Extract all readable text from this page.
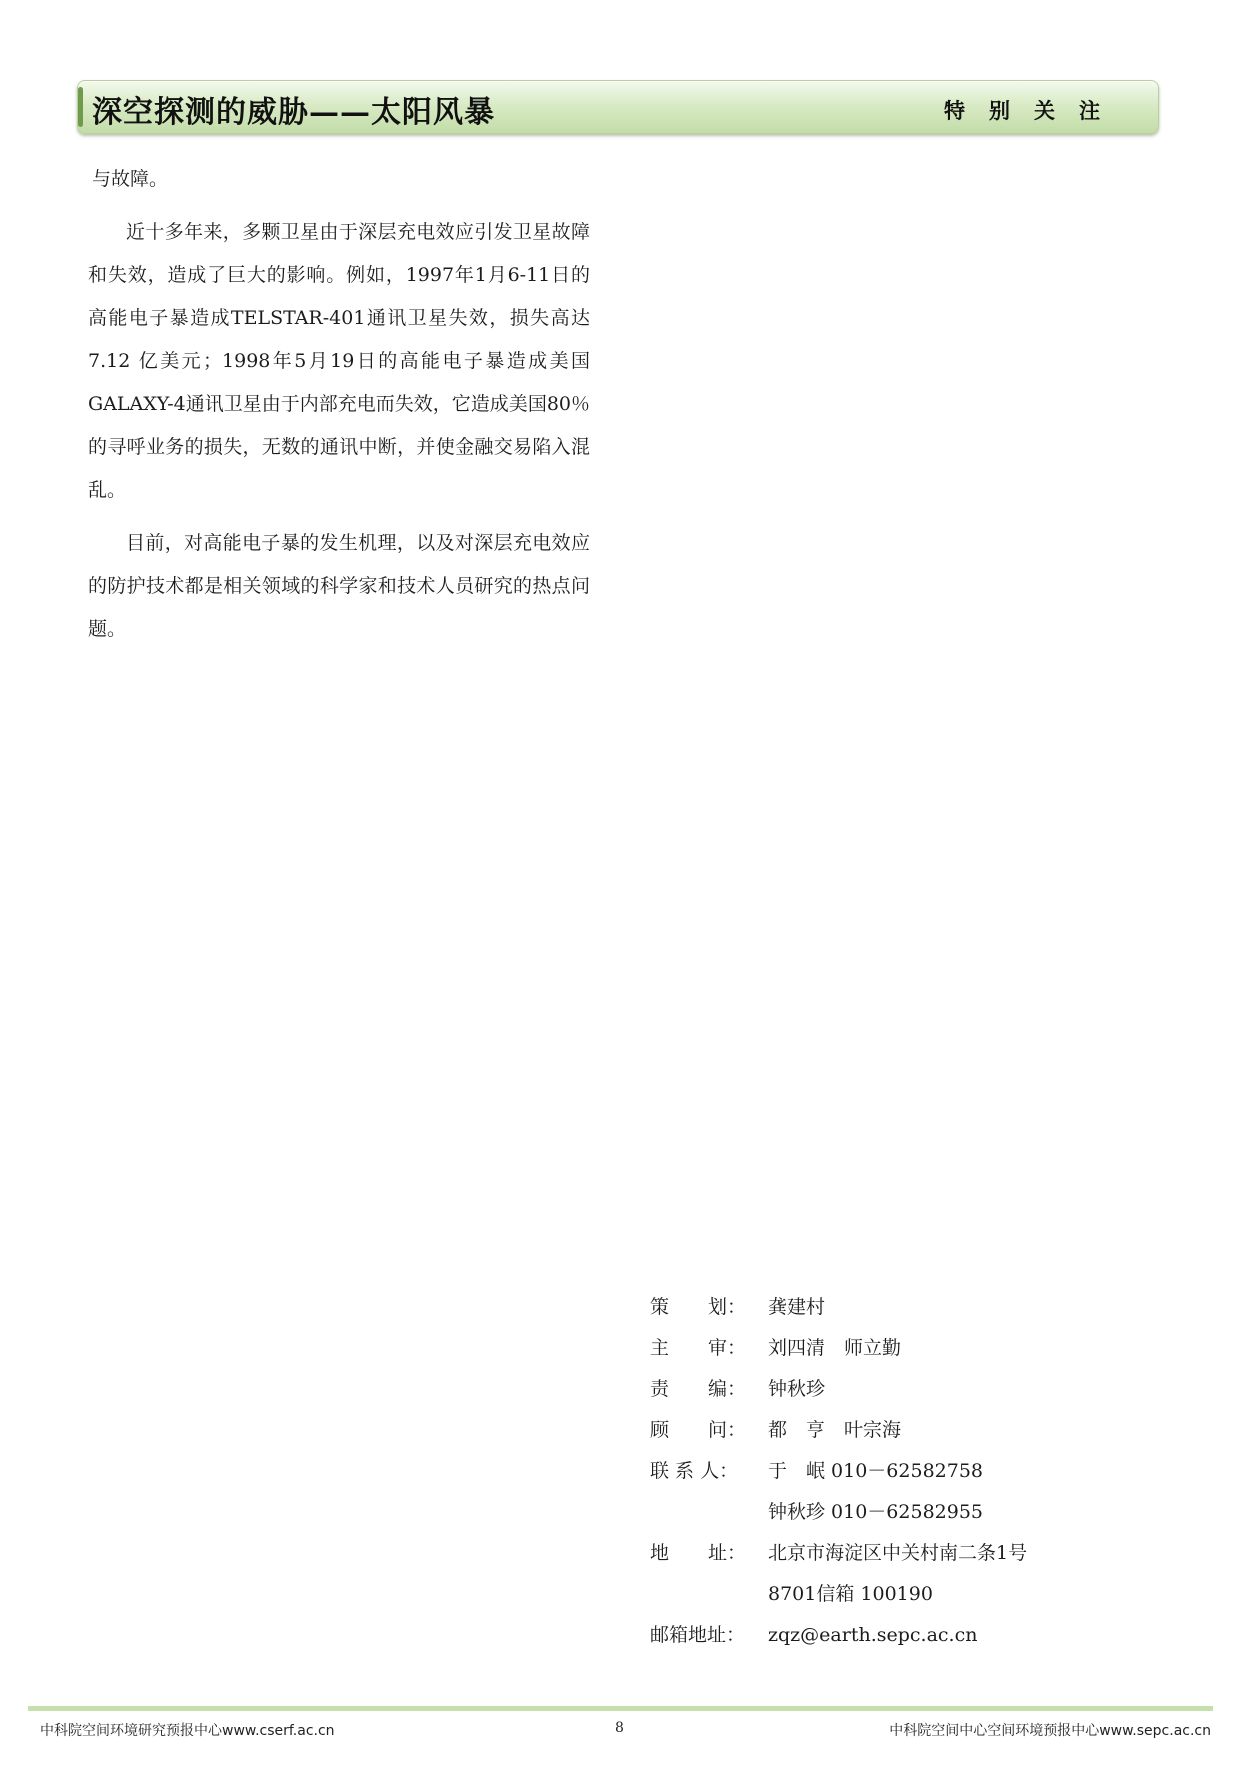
深空探测的威胁——太阳风暴	特别关注

与故障。

近十多年来，多颗卫星由于深层充电效应引发卫星故障和失效，造成了巨大的影响。例如，1997年1月6-11日的高能电子暴造成TELSTAR-401通讯卫星失效，损失高达7.12 亿美元；1998年5月19日的高能电子暴造成美国GALAXY-4通讯卫星由于内部充电而失效，它造成美国80％的寻呼业务的损失，无数的通讯中断，并使金融交易陷入混乱。

目前，对高能电子暴的发生机理，以及对深层充电效应的防护技术都是相关领域的科学家和技术人员研究的热点问题。

策 划： 龚建村
主 审： 刘四清　师立勤
责 编： 钟秋珍
顾 问： 都　亨　叶宗海
联 系 人： 于　岷 010－62582758
钟秋珍 010－62582955
地 址： 北京市海淀区中关村南二条1号
8701信箱 100190
邮箱地址： zqz@earth.sepc.ac.cn
中科院空间环境研究预报中心www.cserf.ac.cn	8	中科院空间中心空间环境预报中心www.sepc.ac.cn
